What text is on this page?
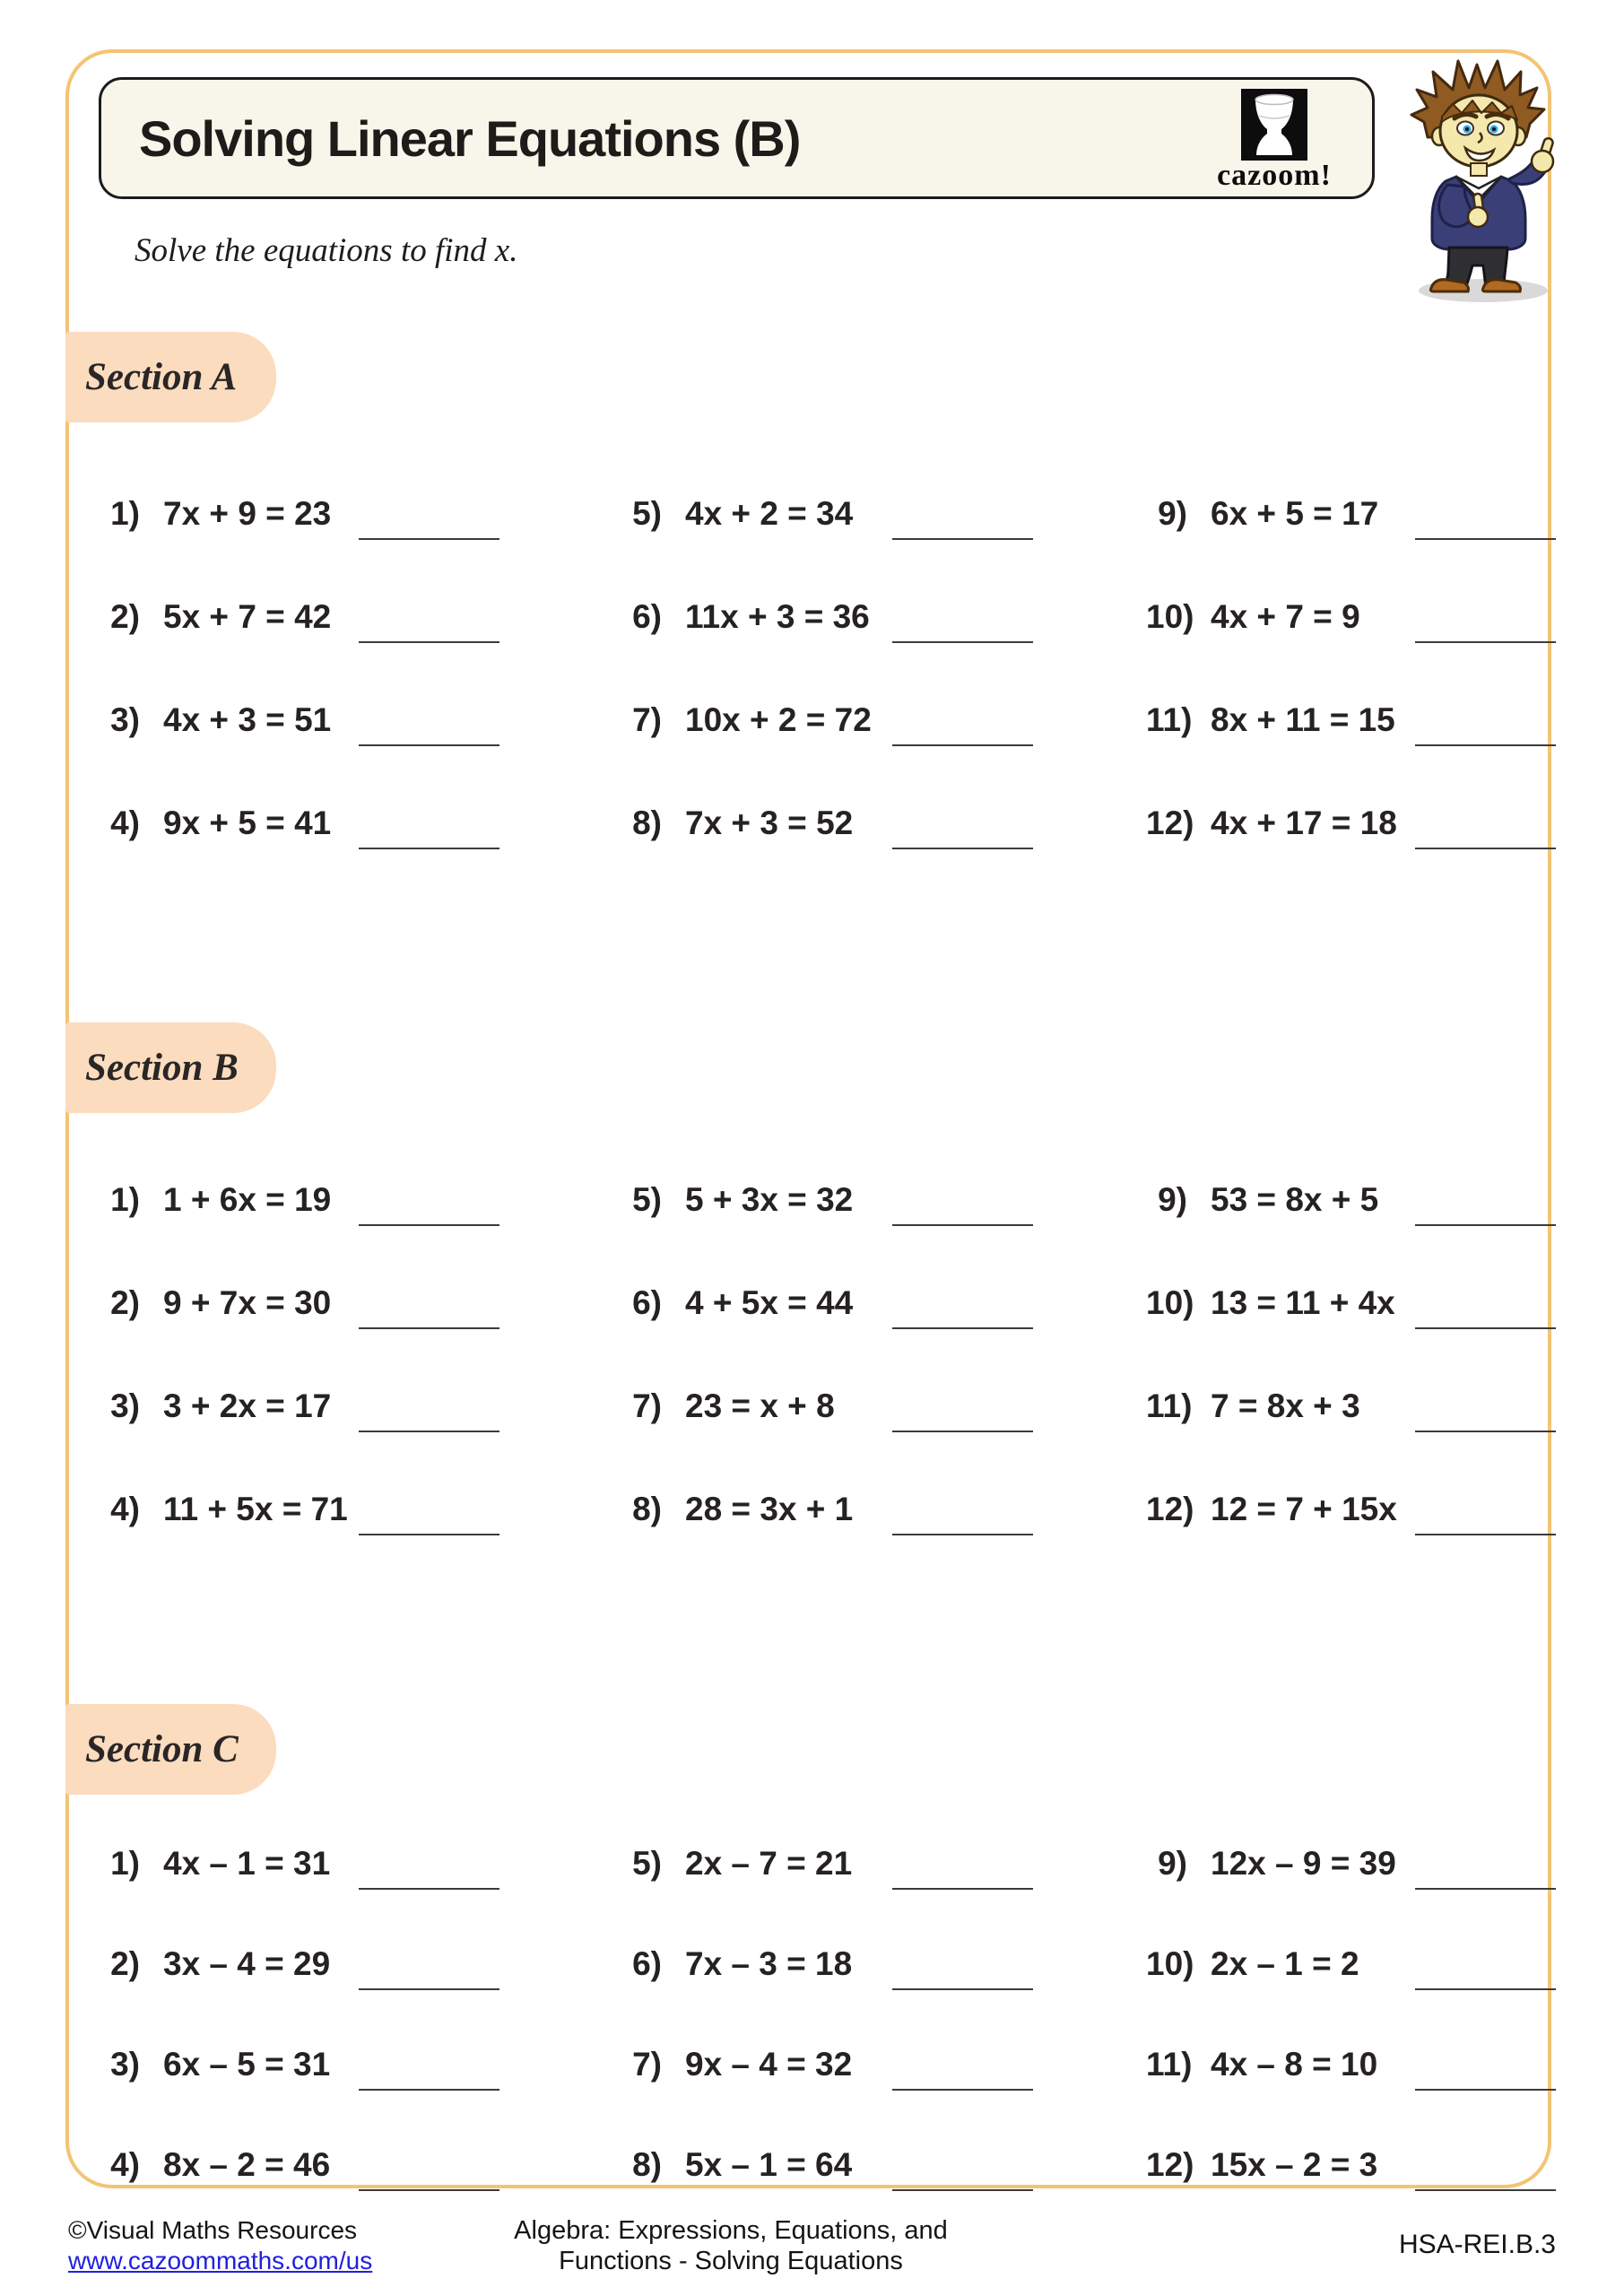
Solving Linear Equations (B)
cazoom!

Solve the equations to find x.

Section A
1) 7x + 9 = 23	5) 4x + 2 = 34	9) 6x + 5 = 17
2) 5x + 7 = 42	6) 11x + 3 = 36	10) 4x + 7 = 9
3) 4x + 3 = 51	7) 10x + 2 = 72	11) 8x + 11 = 15
4) 9x + 5 = 41	8) 7x + 3 = 52	12) 4x + 17 = 18
Section B
1) 1 + 6x = 19	5) 5 + 3x = 32	9) 53 = 8x + 5
2) 9 + 7x = 30	6) 4 + 5x = 44	10) 13 = 11 + 4x
3) 3 + 2x = 17	7) 23 = x + 8	11) 7 = 8x + 3
4) 11 + 5x = 71	8) 28 = 3x + 1	12) 12 = 7 + 15x
Section C
1) 4x – 1 = 31	5) 2x – 7 = 21	9) 12x – 9 = 39
2) 3x – 4 = 29	6) 7x – 3 = 18	10) 2x – 1 = 2
3) 6x – 5 = 31	7) 9x – 4 = 32	11) 4x – 8 = 10
4) 8x – 2 = 46	8) 5x – 1 = 64	12) 15x – 2 = 3
©Visual Maths Resources
www.cazoommaths.com/us
Algebra: Expressions, Equations, and
Functions - Solving Equations
HSA-REI.B.3
